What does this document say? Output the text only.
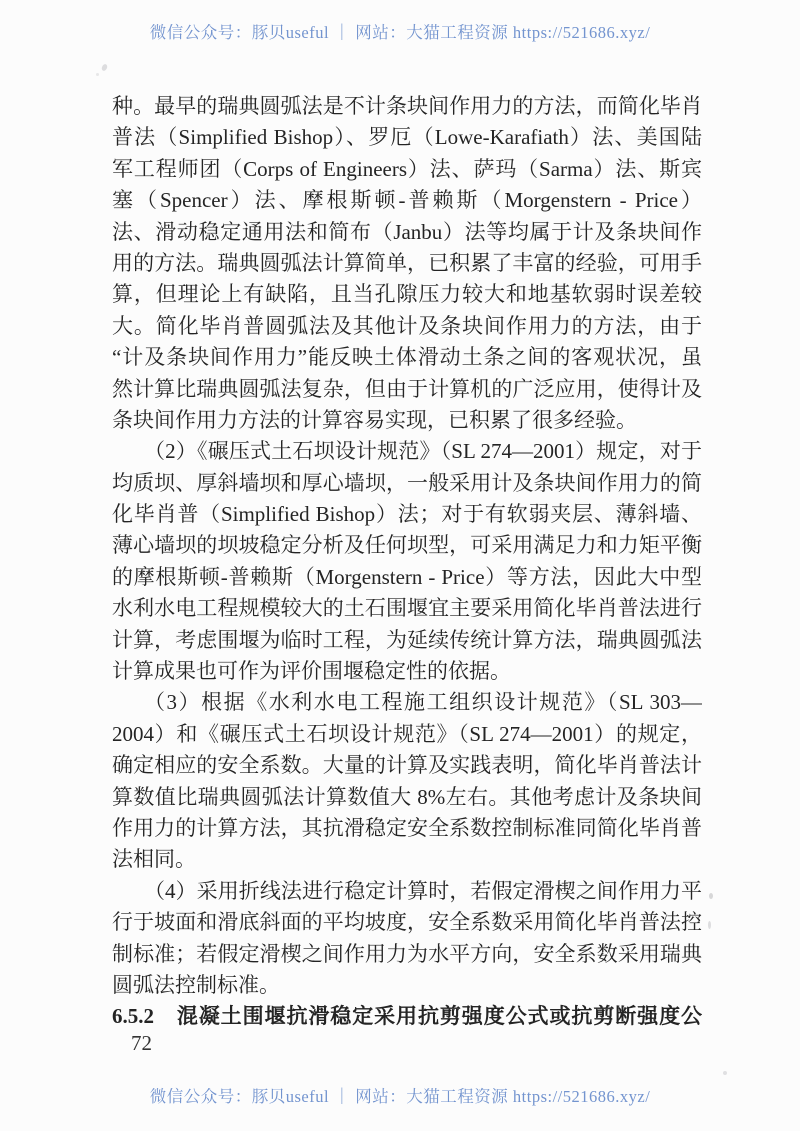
微信公众号：豚贝useful ｜ 网站：大猫工程资源 https://521686.xyz/
种。最早的瑞典圆弧法是不计条块间作用力的方法，而简化毕肖
普法（Simplified Bishop）、罗厄（Lowe-Karafiath）法、美国陆
军工程师团（Corps of Engineers）法、萨玛（Sarma）法、斯宾
塞（Spencer）法、摩根斯顿-普赖斯（Morgenstern - Price）
法、滑动稳定通用法和简布（Janbu）法等均属于计及条块间作
用的方法。瑞典圆弧法计算简单，已积累了丰富的经验，可用手
算，但理论上有缺陷，且当孔隙压力较大和地基软弱时误差较
大。简化毕肖普圆弧法及其他计及条块间作用力的方法，由于
“计及条块间作用力”能反映土体滑动土条之间的客观状况，虽
然计算比瑞典圆弧法复杂，但由于计算机的广泛应用，使得计及
条块间作用力方法的计算容易实现，已积累了很多经验。
（2）《碾压式土石坝设计规范》（SL 274—2001）规定，对于
均质坝、厚斜墙坝和厚心墙坝，一般采用计及条块间作用力的简
化毕肖普（Simplified Bishop）法；对于有软弱夹层、薄斜墙、
薄心墙坝的坝坡稳定分析及任何坝型，可采用满足力和力矩平衡
的摩根斯顿-普赖斯（Morgenstern - Price）等方法，因此大中型
水利水电工程规模较大的土石围堰宜主要采用简化毕肖普法进行
计算，考虑围堰为临时工程，为延续传统计算方法，瑞典圆弧法
计算成果也可作为评价围堰稳定性的依据。
（3）根据《水利水电工程施工组织设计规范》（SL 303—
2004）和《碾压式土石坝设计规范》（SL 274—2001）的规定，
确定相应的安全系数。大量的计算及实践表明，简化毕肖普法计
算数值比瑞典圆弧法计算数值大 8%左右。其他考虑计及条块间
作用力的计算方法，其抗滑稳定安全系数控制标准同简化毕肖普
法相同。
（4）采用折线法进行稳定计算时，若假定滑楔之间作用力平
行于坡面和滑底斜面的平均坡度，安全系数采用简化毕肖普法控
制标准；若假定滑楔之间作用力为水平方向，安全系数采用瑞典
圆弧法控制标准。
6.5.2　混凝土围堰抗滑稳定采用抗剪强度公式或抗剪断强度公
72
微信公众号：豚贝useful ｜ 网站：大猫工程资源 https://521686.xyz/
